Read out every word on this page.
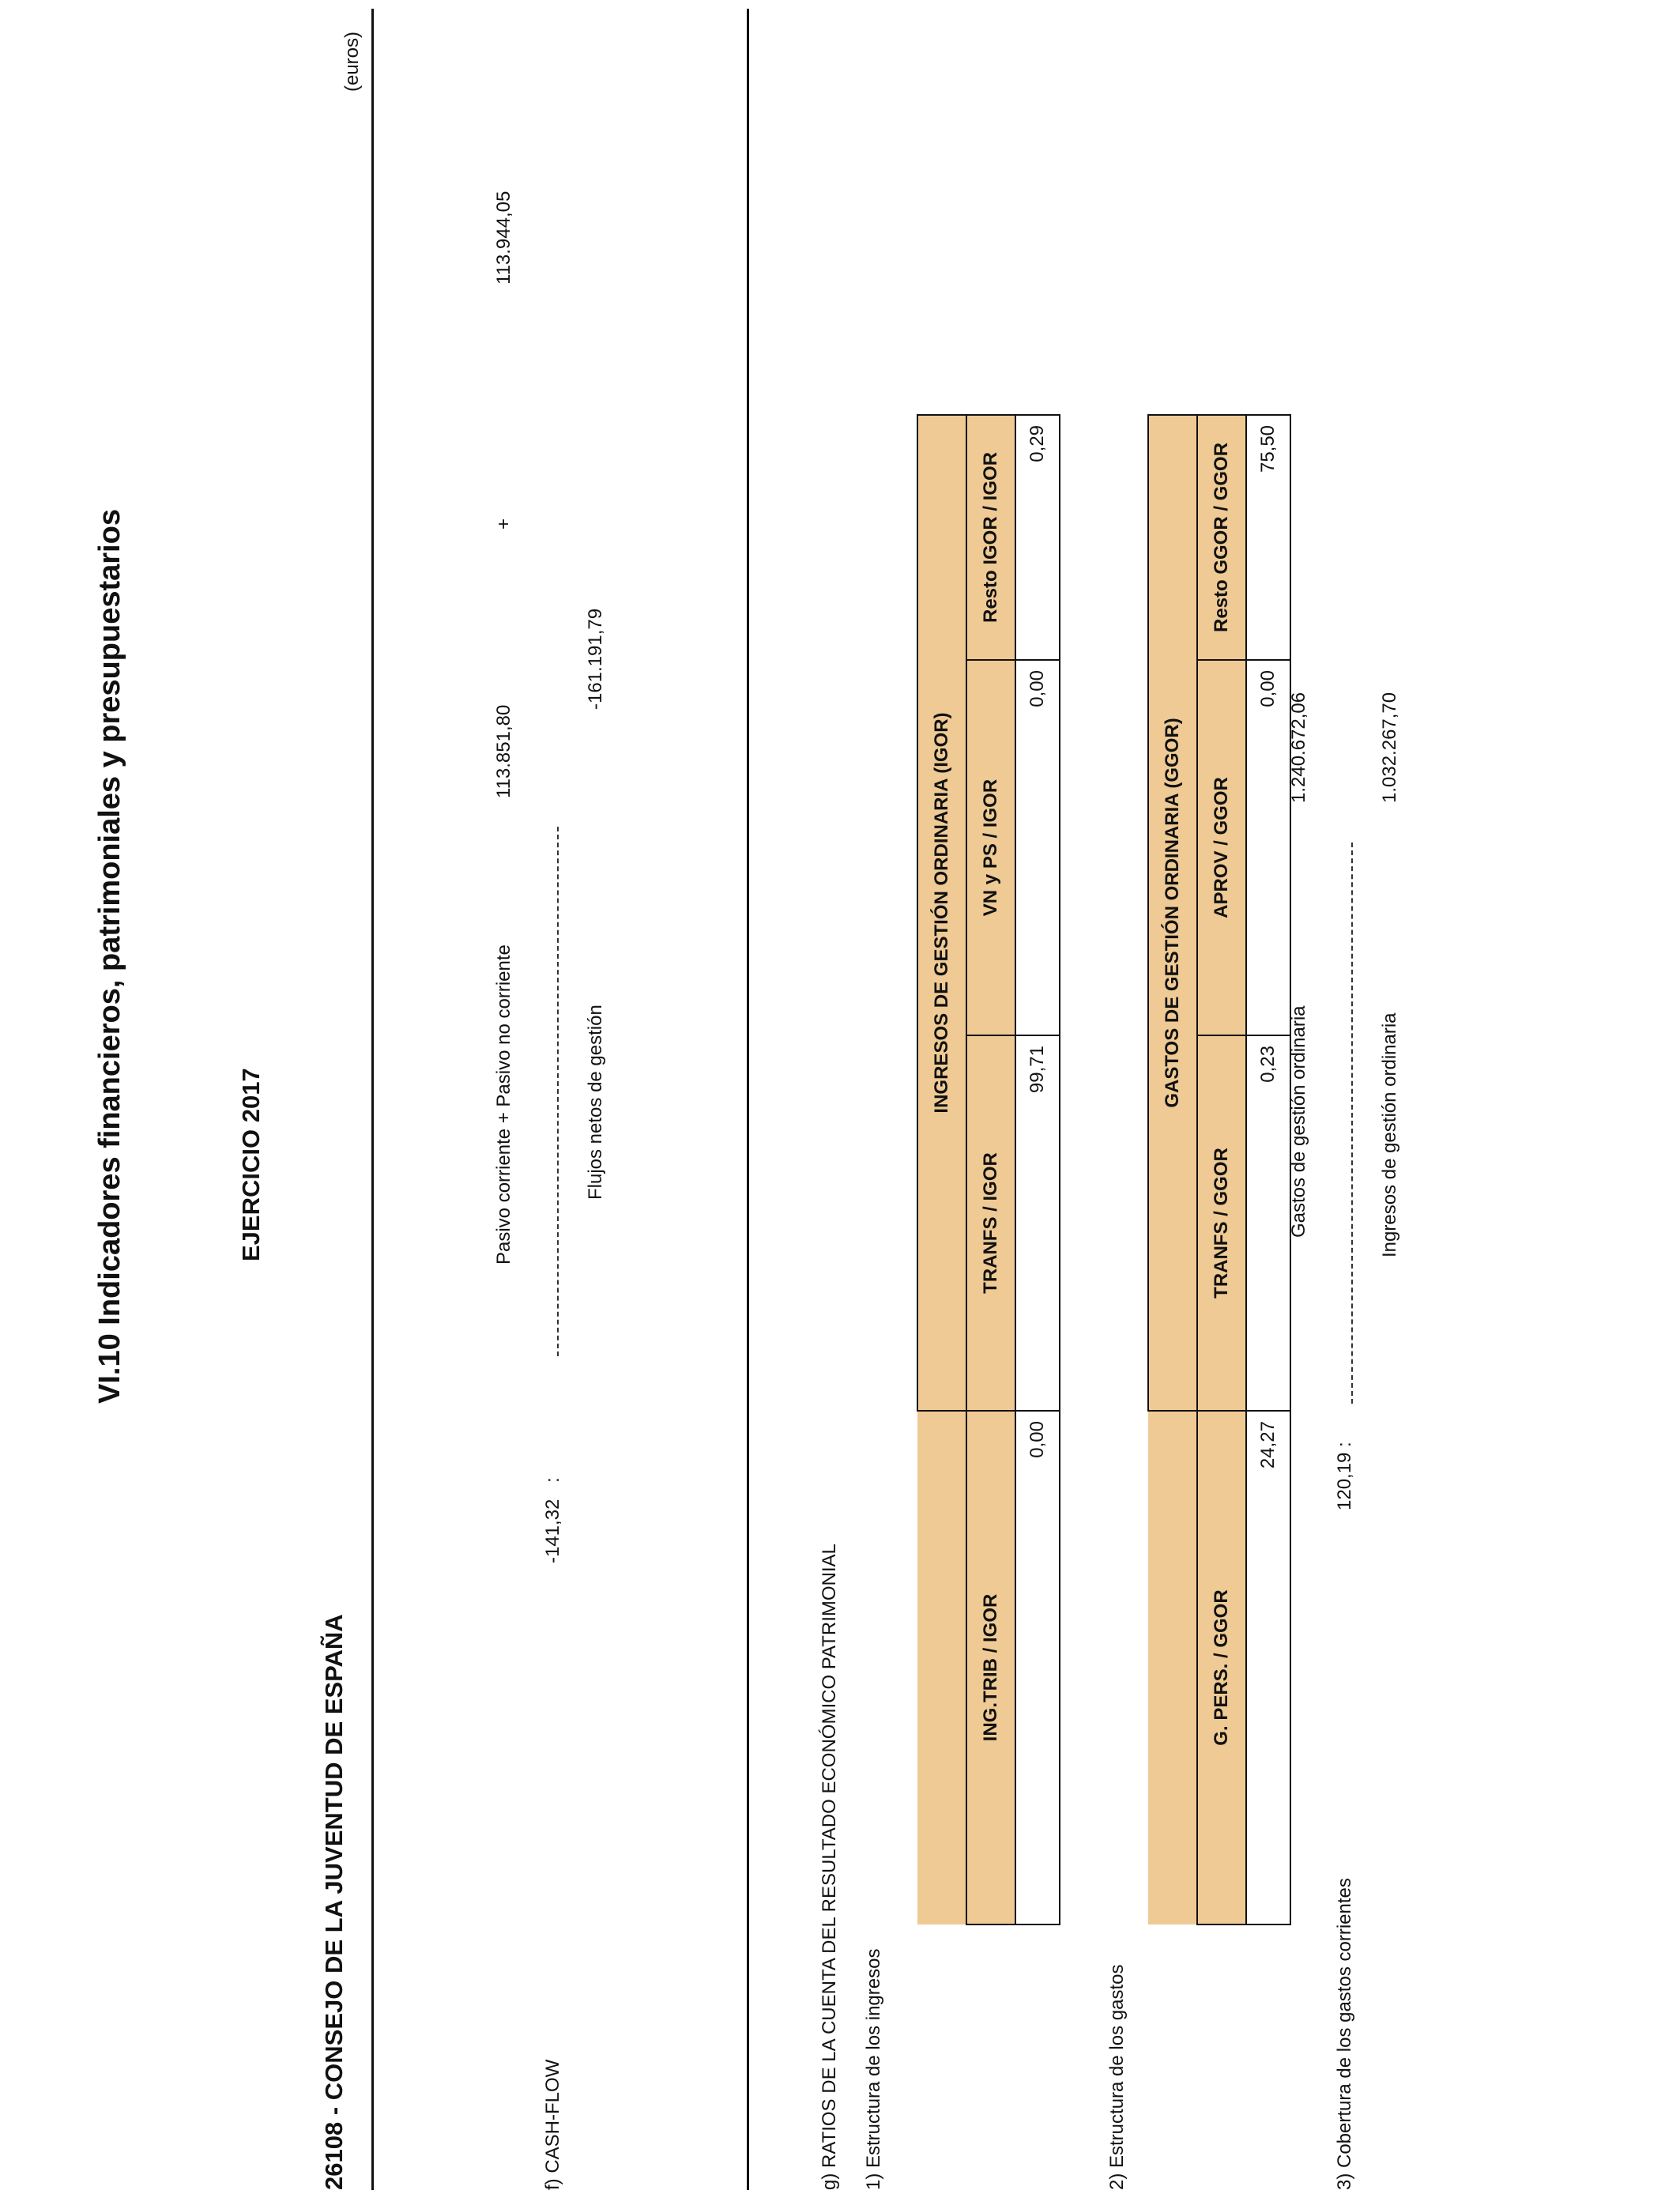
VI.10 Indicadores financieros, patrimoniales y presupuestarios	EJERCICIO 2017
26108 - CONSEJO DE LA JUVENTUD DE ESPAÑA
(euros)
f) CASH-FLOW
-141,32
:
Pasivo corriente + Pasivo no corriente	Flujos netos de gestión
113.851,80
+
113.944,05
-161.191,79
g) RATIOS DE LA CUENTA DEL RESULTADO ECONÓMICO PATRIMONIAL 1) Estructura de los ingresos
	INGRESOS DE GESTIÓN ORDINARIA (IGOR)		
ING.TRIB / IGOR	TRANFS / IGOR	VN y PS / IGOR	Resto IGOR / IGOR
0,00	99,71	0,00	0,29
2) Estructura de los gastos
	GASTOS DE GESTIÓN ORDINARIA (GGOR)		
G. PERS. / GGOR	TRANFS / GGOR	APROV / GGOR	Resto GGOR / GGOR
24,27	0,23	0,00	75,50
3) Cobertura de los gastos corrientes
120,19
:
Gastos de gestión ordinaria	Ingresos de gestión ordinaria
1.240.672,06	1.032.267,70
